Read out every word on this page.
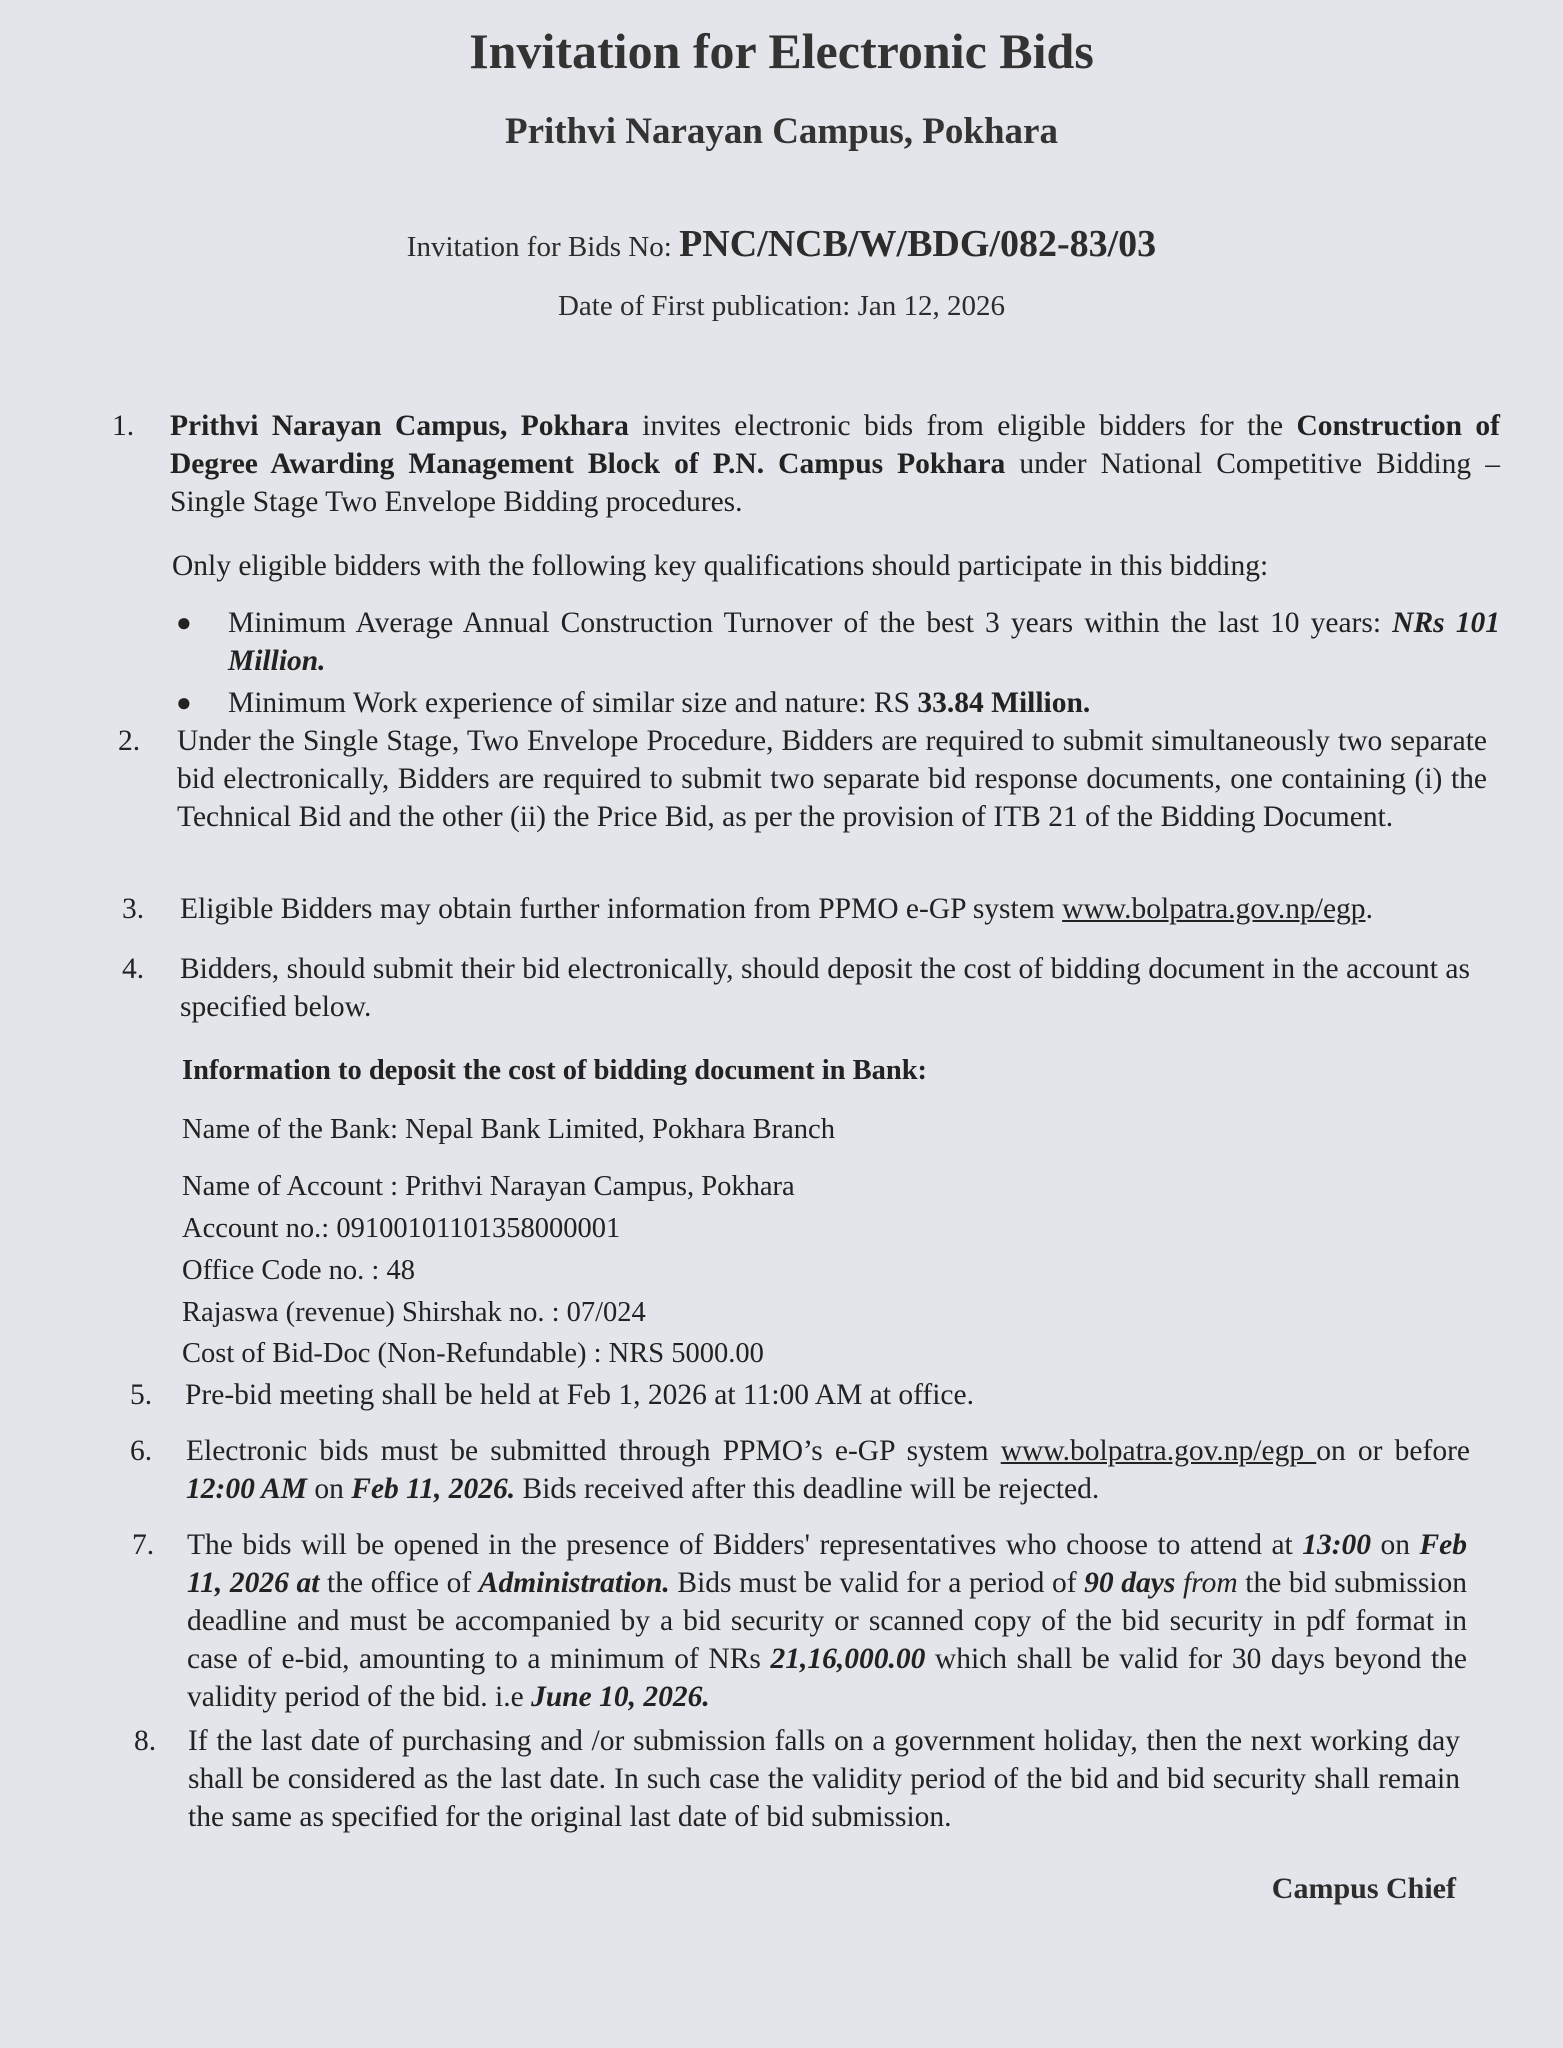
Invitation for Electronic Bids
Prithvi Narayan Campus, Pokhara
Invitation for Bids No: PNC/NCB/W/BDG/082-83/03
Date of First publication: Jan 12, 2026
1. Prithvi Narayan Campus, Pokhara invites electronic bids from eligible bidders for the Construction of Degree Awarding Management Block of P.N. Campus Pokhara under National Competitive Bidding – Single Stage Two Envelope Bidding procedures.
Only eligible bidders with the following key qualifications should participate in this bidding:
● Minimum Average Annual Construction Turnover of the best 3 years within the last 10 years: NRs 101 Million.
● Minimum Work experience of similar size and nature: RS 33.84 Million.
2. Under the Single Stage, Two Envelope Procedure, Bidders are required to submit simultaneously two separate bid electronically, Bidders are required to submit two separate bid response documents, one containing (i) the Technical Bid and the other (ii) the Price Bid, as per the provision of ITB 21 of the Bidding Document.
3. Eligible Bidders may obtain further information from PPMO e-GP system www.bolpatra.gov.np/egp.
4. Bidders, should submit their bid electronically, should deposit the cost of bidding document in the account as specified below.
Information to deposit the cost of bidding document in Bank:
Name of the Bank: Nepal Bank Limited, Pokhara Branch
Name of Account : Prithvi Narayan Campus, Pokhara
Account no.: 09100101101358000001
Office Code no. : 48
Rajaswa (revenue) Shirshak no. : 07/024
Cost of Bid-Doc (Non-Refundable) : NRS 5000.00
5. Pre-bid meeting shall be held at Feb 1, 2026 at 11:00 AM at office.
6. Electronic bids must be submitted through PPMO’s e-GP system www.bolpatra.gov.np/egp on or before 12:00 AM on Feb 11, 2026. Bids received after this deadline will be rejected.
7. The bids will be opened in the presence of Bidders' representatives who choose to attend at 13:00 on Feb 11, 2026 at the office of Administration. Bids must be valid for a period of 90 days from the bid submission deadline and must be accompanied by a bid security or scanned copy of the bid security in pdf format in case of e-bid, amounting to a minimum of NRs 21,16,000.00 which shall be valid for 30 days beyond the validity period of the bid. i.e June 10, 2026.
8. If the last date of purchasing and /or submission falls on a government holiday, then the next working day shall be considered as the last date. In such case the validity period of the bid and bid security shall remain the same as specified for the original last date of bid submission.
Campus Chief
